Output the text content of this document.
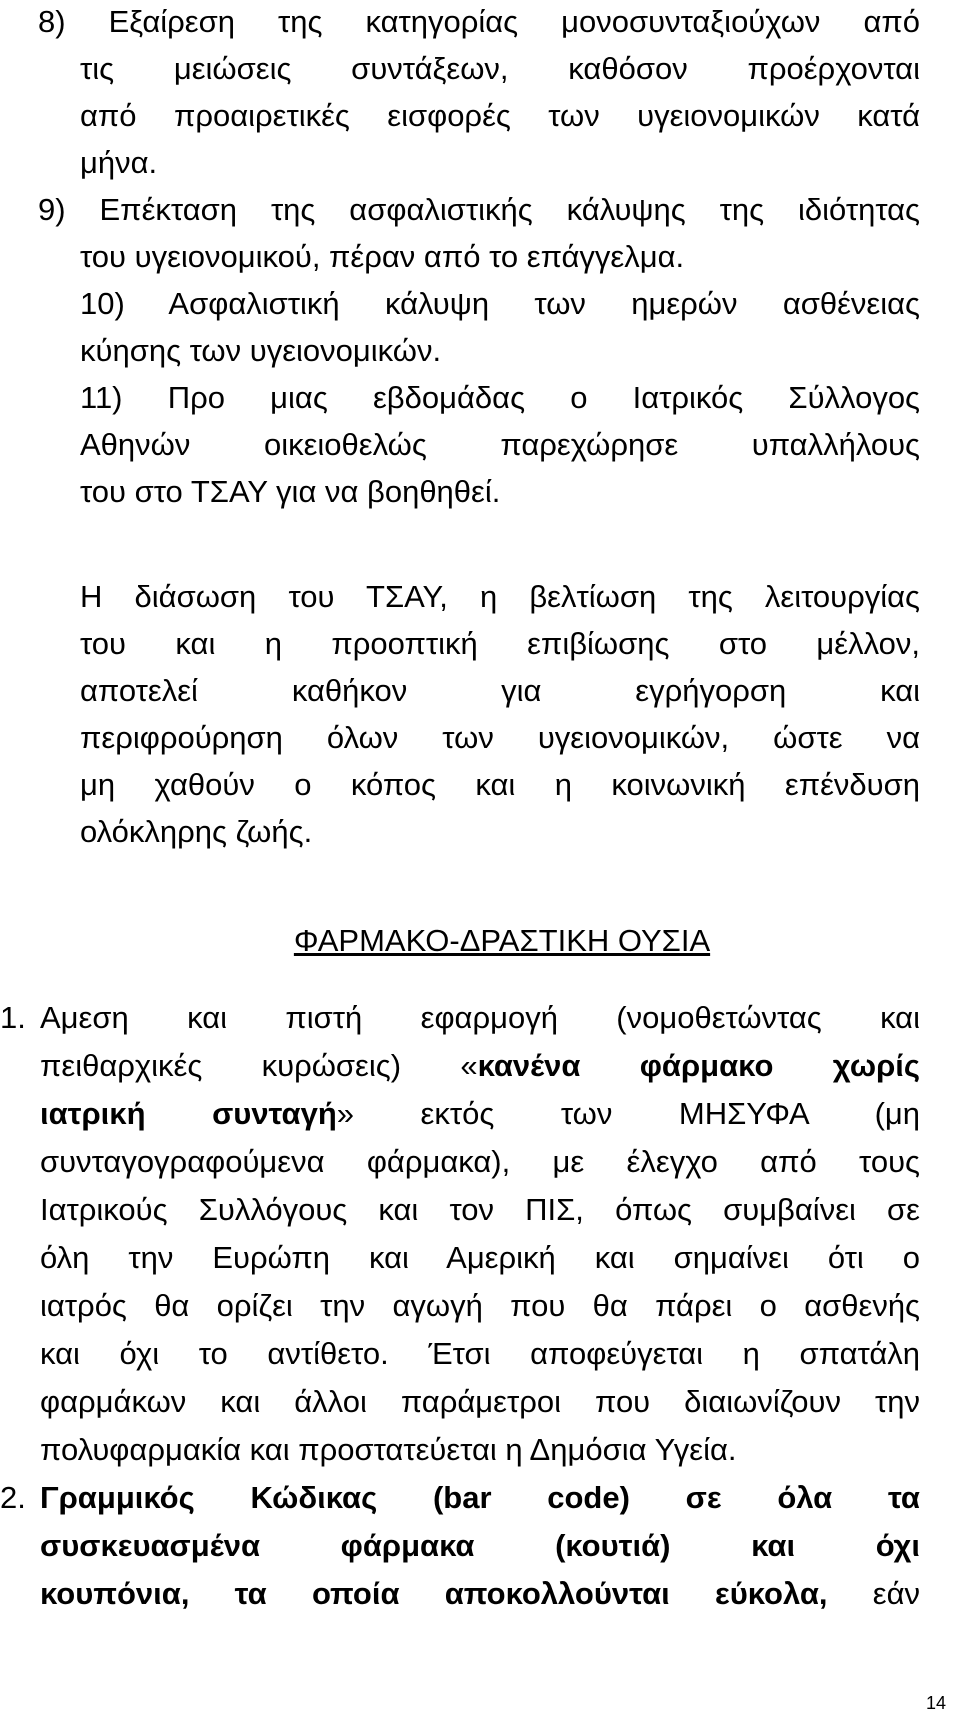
8) Εξαίρεση της κατηγορίας μονοσυνταξιούχων από

τις μειώσεις συντάξεων, καθόσον προέρχονται

από προαιρετικές εισφορές των υγειονομικών κατά

μήνα.

9) Επέκταση της ασφαλιστικής κάλυψης της ιδιότητας

του υγειονομικού, πέραν από το επάγγελμα.

10) Ασφαλιστική κάλυψη των ημερών ασθένειας

κύησης των υγειονομικών.

11) Προ μιας εβδομάδας ο Ιατρικός Σύλλογος

Αθηνών οικειοθελώς παρεχώρησε υπαλλήλους

του στο ΤΣΑΥ για να βοηθηθεί.

Η διάσωση του ΤΣΑΥ, η βελτίωση της λειτουργίας

του και η προοπτική επιβίωσης στο μέλλον,

αποτελεί καθήκον για εγρήγορση και

περιφρούρηση όλων των υγειονομικών, ώστε να

μη χαθούν ο κόπος και η κοινωνική επένδυση

ολόκληρης ζωής.

ΦΑΡΜΑΚΟ-ΔΡΑΣΤΙΚΗ ΟΥΣΙΑ

1. Αμεση και πιστή εφαρμογή (νομοθετώντας και

πειθαρχικές κυρώσεις) «κανένα φάρμακο χωρίς

ιατρική συνταγή» εκτός των ΜΗΣΥΦΑ (μη

συνταγογραφούμενα φάρμακα), με έλεγχο από τους

Ιατρικούς Συλλόγους και τον ΠΙΣ, όπως συμβαίνει σε

όλη την Ευρώπη και Αμερική και σημαίνει ότι ο

ιατρός θα ορίζει την αγωγή που θα πάρει ο ασθενής

και όχι το αντίθετο. Έτσι αποφεύγεται η σπατάλη

φαρμάκων και άλλοι παράμετροι που διαιωνίζουν την

πολυφαρμακία και προστατεύεται η Δημόσια Υγεία.

2. Γραμμικός Κώδικας (bar code) σε όλα τα

συσκευασμένα φάρμακα (κουτιά) και όχι

κουπόνια, τα οποία αποκολλούνται εύκολα, εάν

14
